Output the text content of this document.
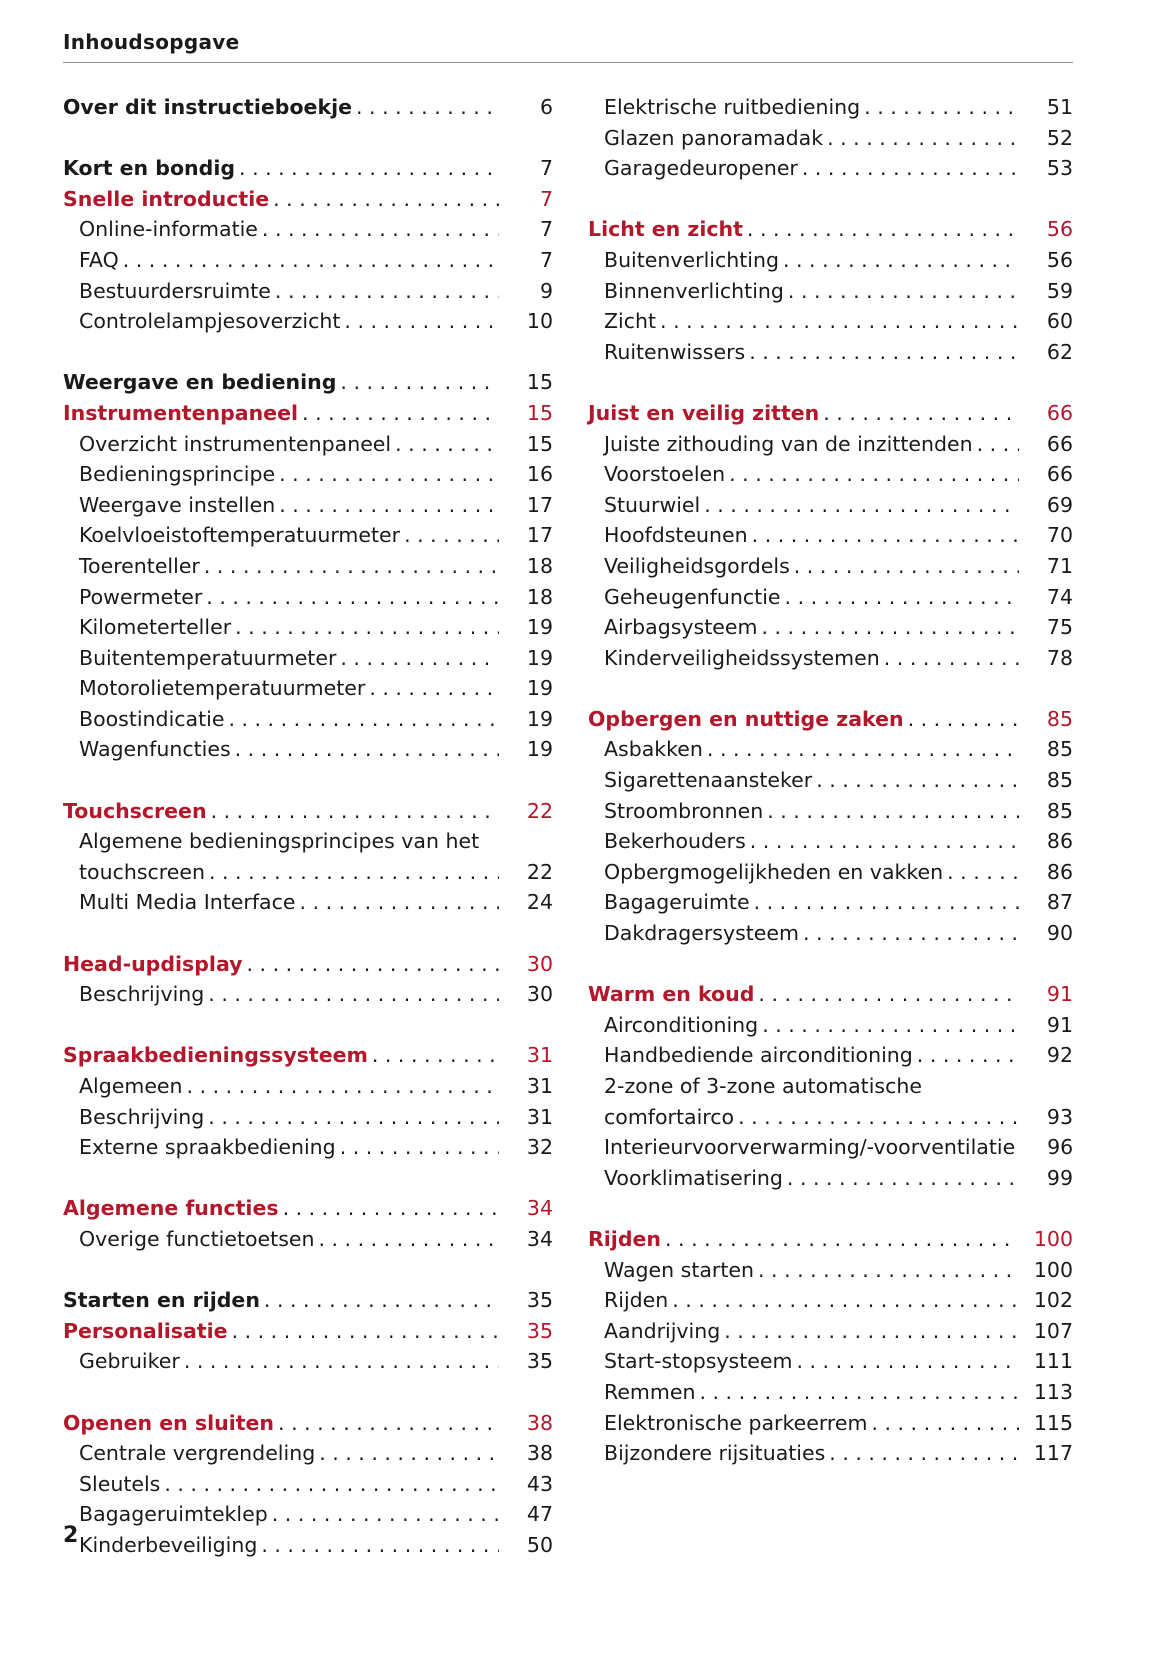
Inhoudsopgave
Over dit instructieboekje . . .	6
Kort en bondig . . .	7
Snelle introductie . . .	7
Online-informatie . . .	7
FAQ . . .	7
Bestuurdersruimte . . .	9
Controlelampjesoverzicht . . .	10
Weergave en bediening . . .	15
Instrumentenpaneel . . .	15
Overzicht instrumentenpaneel . . .	15
Bedieningsprincipe . . .	16
Weergave instellen . . .	17
Koelvloeistoftemperatuurmeter . . .	17
Toerenteller . . .	18
Powermeter . . .	18
Kilometerteller . . .	19
Buitentemperatuurmeter . . .	19
Motorolietemperatuurmeter . . .	19
Boostindicatie . . .	19
Wagenfuncties . . .	19
Touchscreen . . .	22
Algemene bedieningsprincipes van het
touchscreen . . .	22
Multi Media Interface . . .	24
Head-updisplay . . .	30
Beschrijving . . .	30
Spraakbedieningssysteem . . .	31
Algemeen . . .	31
Beschrijving . . .	31
Externe spraakbediening . . .	32
Algemene functies . . .	34
Overige functietoetsen . . .	34
Starten en rijden . . .	35
Personalisatie . . .	35
Gebruiker . . .	35
Openen en sluiten . . .	38
Centrale vergrendeling . . .	38
Sleutels . . .	43
Bagageruimteklep . . .	47
Kinderbeveiliging . . .	50
Elektrische ruitbediening . . .	51
Glazen panoramadak . . .	52
Garagedeuropener . . .	53
Licht en zicht . . .	56
Buitenverlichting . . .	56
Binnenverlichting . . .	59
Zicht . . .	60
Ruitenwissers . . .	62
Juist en veilig zitten . . .	66
Juiste zithouding van de inzittenden . . .	66
Voorstoelen . . .	66
Stuurwiel . . .	69
Hoofdsteunen . . .	70
Veiligheidsgordels . . .	71
Geheugenfunctie . . .	74
Airbagsysteem . . .	75
Kinderveiligheidssystemen . . .	78
Opbergen en nuttige zaken . . .	85
Asbakken . . .	85
Sigarettenaansteker . . .	85
Stroombronnen . . .	85
Bekerhouders . . .	86
Opbergmogelijkheden en vakken . . .	86
Bagageruimte . . .	87
Dakdragersysteem . . .	90
Warm en koud . . .	91
Airconditioning . . .	91
Handbediende airconditioning . . .	92
2-zone of 3-zone automatische
comfortairco . . .	93
Interieurvoorverwarming/-voorventilatie	96
Voorklimatisering . . .	99
Rijden . . .	100
Wagen starten . . .	100
Rijden . . .	102
Aandrijving . . .	107
Start-stopsysteem . . .	111
Remmen . . .	113
Elektronische parkeerrem . . .	115
Bijzondere rijsituaties . . .	117
2
